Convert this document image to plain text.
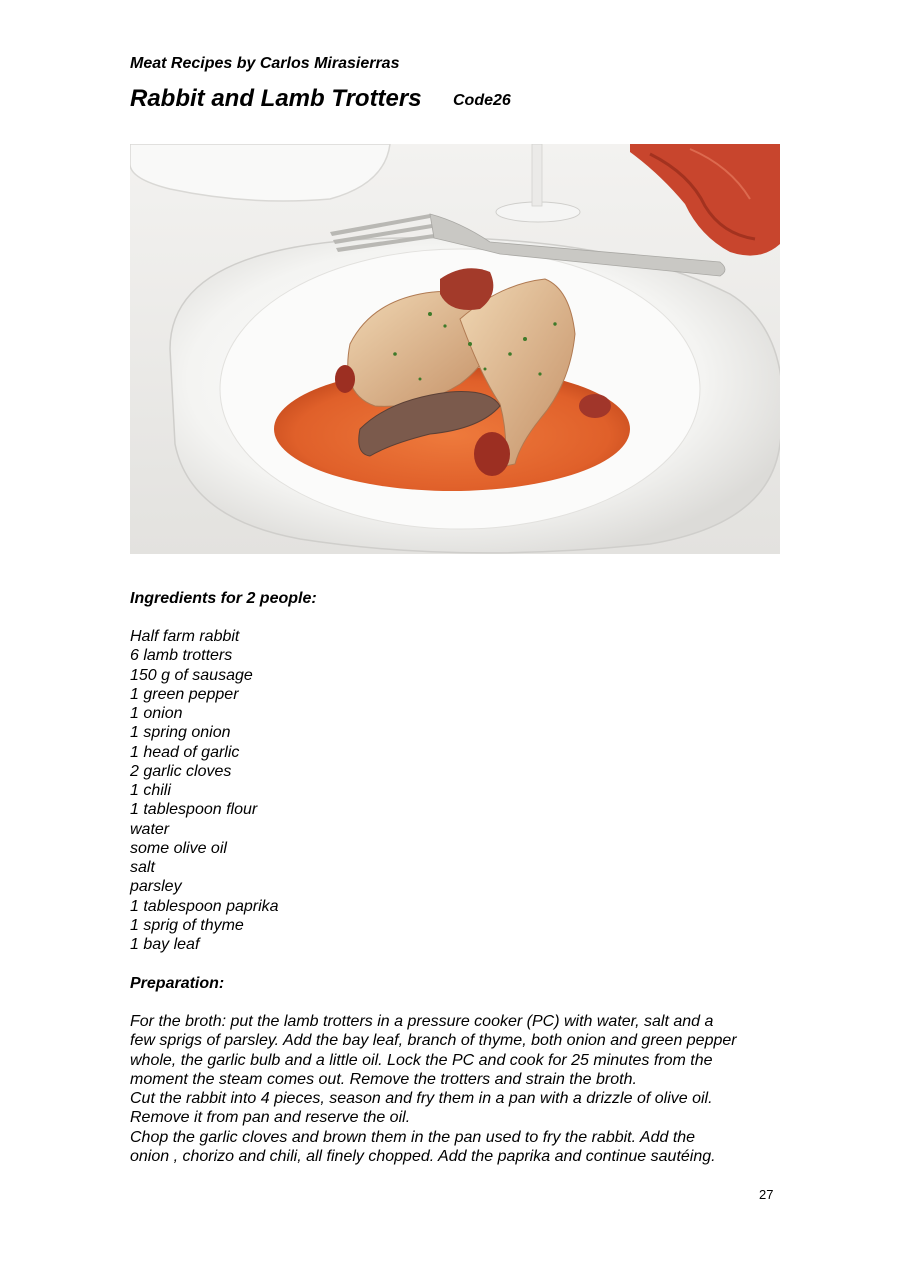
Meat Recipes by Carlos Mirasierras
Rabbit and Lamb Trotters Code26
Ingredients for 2 people:
Half farm rabbit
6 lamb trotters
150 g of sausage
1 green pepper
1 onion
1 spring onion
1 head of garlic
2 garlic cloves
1 chili
1 tablespoon flour
water
some olive oil
salt
parsley
1 tablespoon paprika
1 sprig of thyme
1 bay leaf
Preparation:
For the broth: put the lamb trotters in a pressure cooker (PC) with water, salt and a
few sprigs of parsley. Add the bay leaf, branch of thyme, both onion and green pepper
whole, the garlic bulb and a little oil. Lock the PC and cook for 25 minutes from the
moment the steam comes out. Remove the trotters and strain the broth.
Cut the rabbit into 4 pieces, season and fry them in a pan with a drizzle of olive oil.
Remove it from pan and reserve the oil.
Chop the garlic cloves and brown them in the pan used to fry the rabbit. Add the
onion , chorizo and chili, all finely chopped. Add the paprika and continue sautéing.
27
